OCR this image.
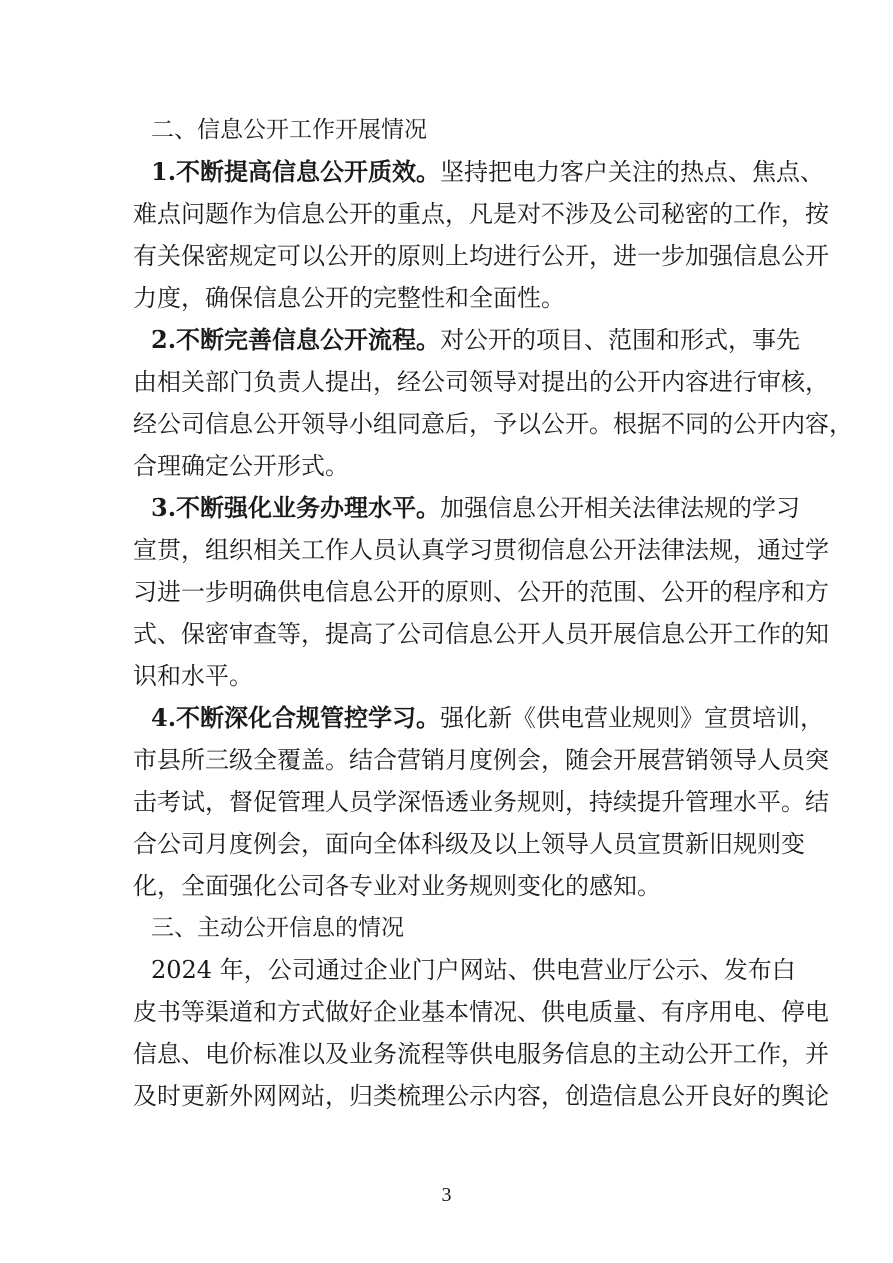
二、信息公开工作开展情况
1.不断提高信息公开质效。坚持把电力客户关注的热点、焦点、
难点问题作为信息公开的重点，凡是对不涉及公司秘密的工作，按
有关保密规定可以公开的原则上均进行公开，进一步加强信息公开
力度，确保信息公开的完整性和全面性。
2.不断完善信息公开流程。对公开的项目、范围和形式，事先
由相关部门负责人提出，经公司领导对提出的公开内容进行审核，
经公司信息公开领导小组同意后，予以公开。根据不同的公开内容，
合理确定公开形式。
3.不断强化业务办理水平。加强信息公开相关法律法规的学习
宣贯，组织相关工作人员认真学习贯彻信息公开法律法规，通过学
习进一步明确供电信息公开的原则、公开的范围、公开的程序和方
式、保密审查等，提高了公司信息公开人员开展信息公开工作的知
识和水平。
4.不断深化合规管控学习。强化新《供电营业规则》宣贯培训，
市县所三级全覆盖。结合营销月度例会，随会开展营销领导人员突
击考试，督促管理人员学深悟透业务规则，持续提升管理水平。结
合公司月度例会，面向全体科级及以上领导人员宣贯新旧规则变
化，全面强化公司各专业对业务规则变化的感知。
三、主动公开信息的情况
2024 年，公司通过企业门户网站、供电营业厅公示、发布白
皮书等渠道和方式做好企业基本情况、供电质量、有序用电、停电
信息、电价标准以及业务流程等供电服务信息的主动公开工作，并
及时更新外网网站，归类梳理公示内容，创造信息公开良好的舆论
3
